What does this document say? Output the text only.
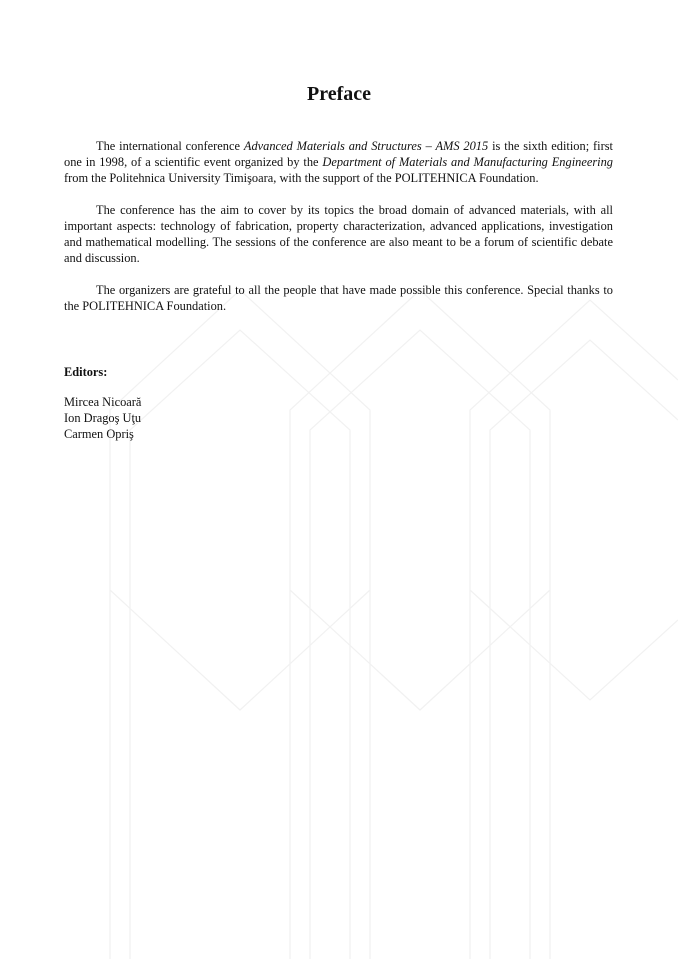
Preface

The international conference Advanced Materials and Structures – AMS 2015 is the sixth edition; first one in 1998, of a scientific event organized by the Department of Materials and Manufacturing Engineering from the Politehnica University Timişoara, with the support of the POLITEHNICA Foundation.

The conference has the aim to cover by its topics the broad domain of advanced materials, with all important aspects: technology of fabrication, property characterization, advanced applications, investigation and mathematical modelling. The sessions of the conference are also meant to be a forum of scientific debate and discussion.

The organizers are grateful to all the people that have made possible this conference. Special thanks to the POLITEHNICA Foundation.

Editors:
Mircea Nicoară
Ion Dragoş Uţu
Carmen Opriş
